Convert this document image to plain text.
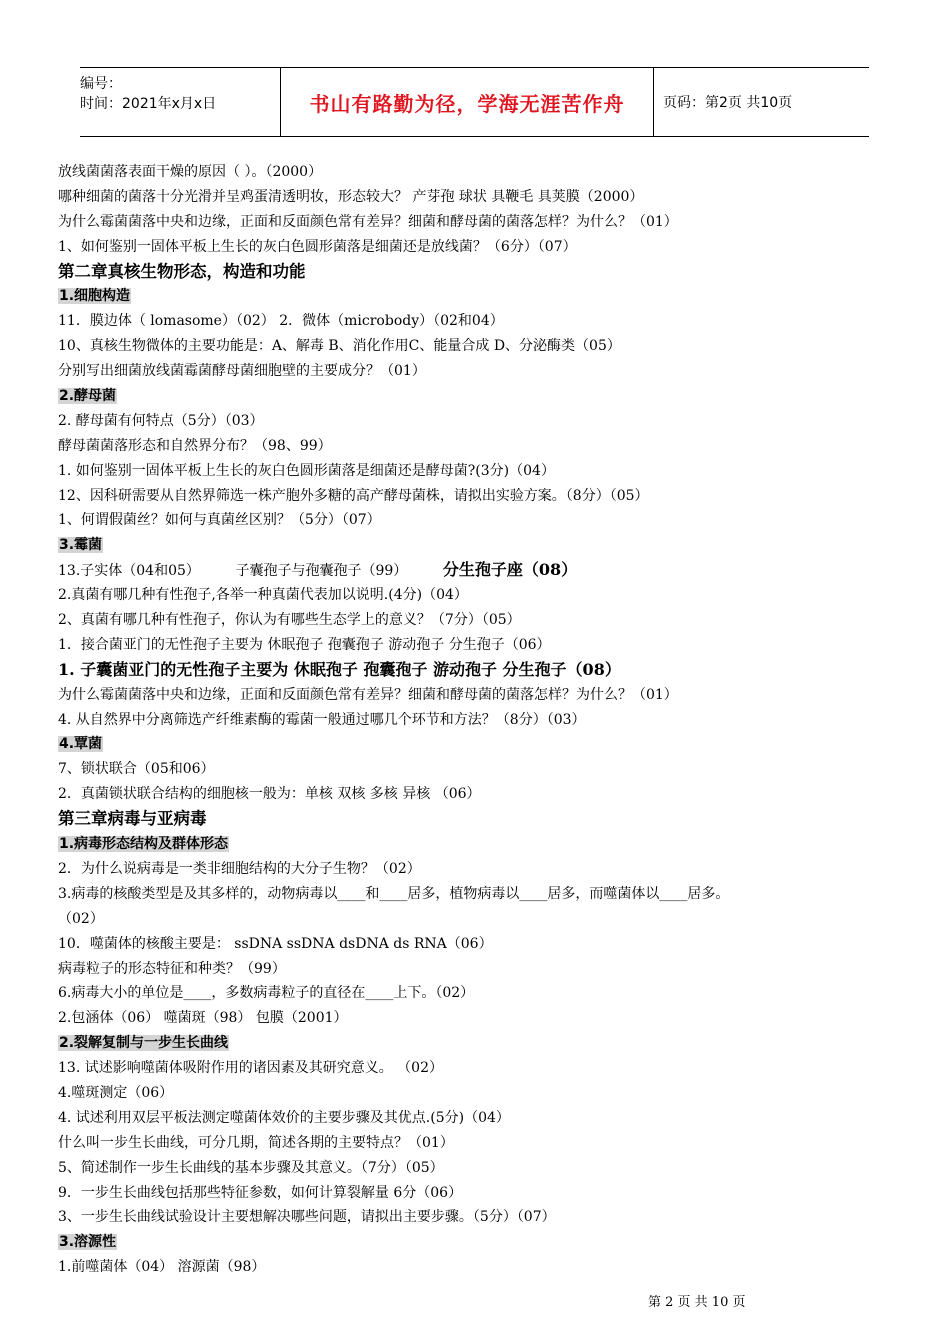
编号：
时间：2021年x月x日	书山有路勤为径，学海无涯苦作舟	页码：第2页 共10页
放线菌菌落表面干燥的原因（ ）。（2000）
哪种细菌的菌落十分光滑并呈鸡蛋清透明妆，形态较大？ 产芽孢 球状 具鞭毛 具荚膜（2000）
为什么霉菌菌落中央和边缘，正面和反面颜色常有差异？细菌和酵母菌的菌落怎样？为什么？（01）
1、如何鉴别一固体平板上生长的灰白色圆形菌落是细菌还是放线菌？（6分）（07）
第二章真核生物形态，构造和功能
1.细胞构造
11．膜边体（ lomasome）（02） 2．微体（microbody）（02和04）
10、真核生物微体的主要功能是：A、解毒 B、消化作用C、能量合成 D、分泌酶类（05）
分别写出细菌放线菌霉菌酵母菌细胞壁的主要成分？（01）
2.酵母菌
2. 酵母菌有何特点（5分）（03）
酵母菌菌落形态和自然界分布？（98、99）
1. 如何鉴别一固体平板上生长的灰白色圆形菌落是细菌还是酵母菌?(3分)（04）
12、因科研需要从自然界筛选一株产胞外多糖的高产酵母菌株，请拟出实验方案。（8分）（05）
1、何谓假菌丝？如何与真菌丝区别？（5分）（07）
3.霉菌
13.子实体（04和05）        子囊孢子与孢囊孢子（99）        分生孢子座（08）
2.真菌有哪几种有性孢子,各举一种真菌代表加以说明.(4分)（04）
2、真菌有哪几种有性孢子，你认为有哪些生态学上的意义？（7分）（05）
1．接合菌亚门的无性孢子主要为 休眠孢子 孢囊孢子 游动孢子 分生孢子（06）
1. 子囊菌亚门的无性孢子主要为 休眠孢子 孢囊孢子 游动孢子 分生孢子（08）
为什么霉菌菌落中央和边缘，正面和反面颜色常有差异？细菌和酵母菌的菌落怎样？为什么？（01）
4. 从自然界中分离筛选产纤维素酶的霉菌一般通过哪几个环节和方法？（8分）（03）
4.覃菌
7、锁状联合（05和06）
2．真菌锁状联合结构的细胞核一般为：单核 双核 多核 异核 （06）
第三章病毒与亚病毒
1.病毒形态结构及群体形态
2．为什么说病毒是一类非细胞结构的大分子生物？（02）
3.病毒的核酸类型是及其多样的，动物病毒以____和____居多，植物病毒以____居多，而噬菌体以____居多。
（02）
10．噬菌体的核酸主要是： ssDNA ssDNA dsDNA ds RNA（06）
病毒粒子的形态特征和种类？（99）
6.病毒大小的单位是____，多数病毒粒子的直径在____上下。（02）
2.包涵体（06） 噬菌斑（98） 包膜（2001）
2.裂解复制与一步生长曲线
13. 试述影响噬菌体吸附作用的诸因素及其研究意义。 （02）
4.噬斑测定（06）
4. 试述利用双层平板法测定噬菌体效价的主要步骤及其优点.(5分)（04）
什么叫一步生长曲线，可分几期，简述各期的主要特点？（01）
5、简述制作一步生长曲线的基本步骤及其意义。（7分）（05）
9．一步生长曲线包括那些特征参数，如何计算裂解量 6分（06）
3、一步生长曲线试验设计主要想解决哪些问题，请拟出主要步骤。（5分）（07）
3.溶源性
1.前噬菌体（04） 溶源菌（98）
第 2 页 共 10 页
